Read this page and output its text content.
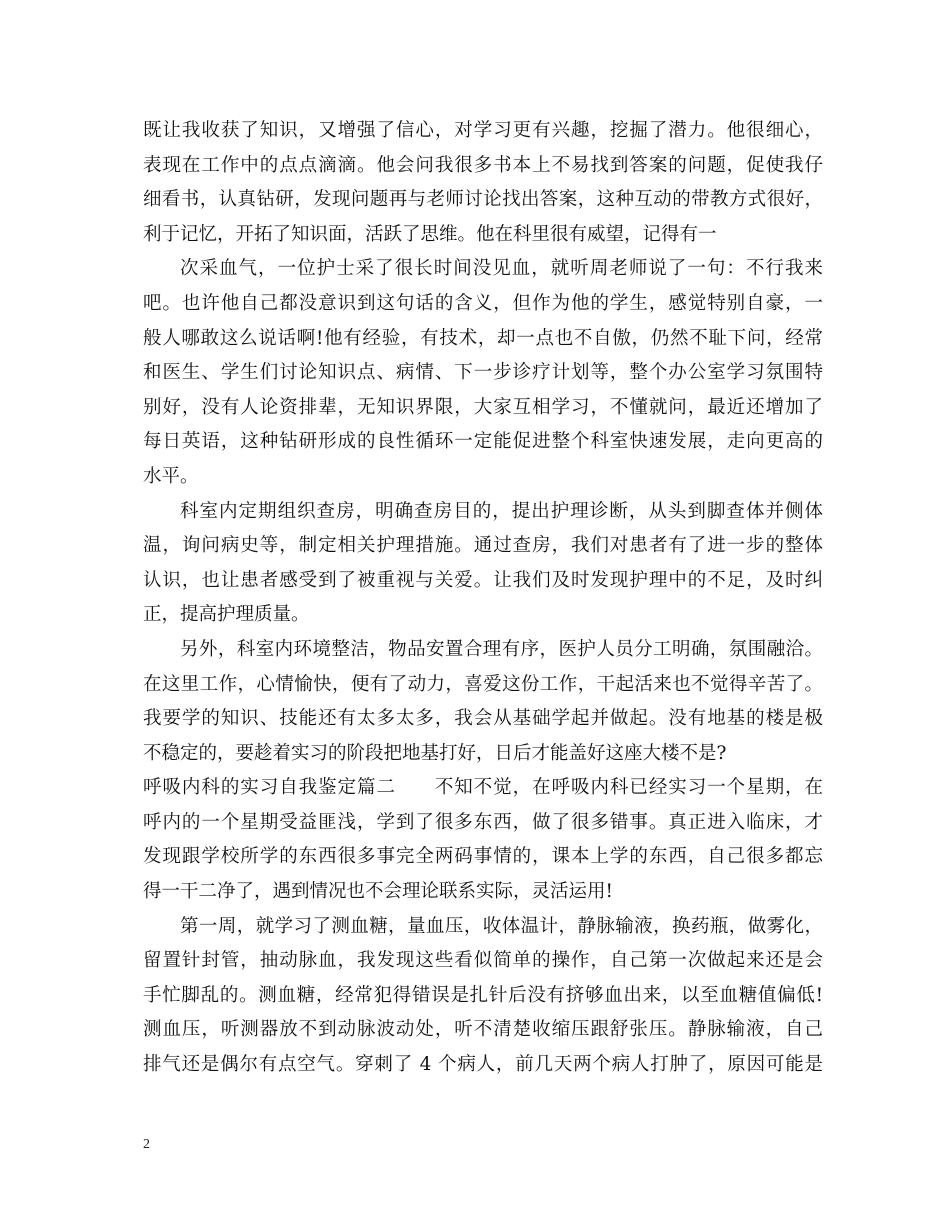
既让我收获了知识，又增强了信心，对学习更有兴趣，挖掘了潜力。他很细心，
表现在工作中的点点滴滴。他会问我很多书本上不易找到答案的问题，促使我仔
细看书，认真钻研，发现问题再与老师讨论找出答案，这种互动的带教方式很好，
利于记忆，开拓了知识面，活跃了思维。他在科里很有威望，记得有一
次采血气，一位护士采了很长时间没见血，就听周老师说了一句：不行我来
吧。也许他自己都没意识到这句话的含义，但作为他的学生，感觉特别自豪，一
般人哪敢这么说话啊!他有经验，有技术，却一点也不自傲，仍然不耻下问，经常
和医生、学生们讨论知识点、病情、下一步诊疗计划等，整个办公室学习氛围特
别好，没有人论资排辈，无知识界限，大家互相学习，不懂就问，最近还增加了
每日英语，这种钻研形成的良性循环一定能促进整个科室快速发展，走向更高的
水平。
科室内定期组织查房，明确查房目的，提出护理诊断，从头到脚查体并侧体
温，询问病史等，制定相关护理措施。通过查房，我们对患者有了进一步的整体
认识，也让患者感受到了被重视与关爱。让我们及时发现护理中的不足，及时纠
正，提高护理质量。
另外，科室内环境整洁，物品安置合理有序，医护人员分工明确，氛围融洽。
在这里工作，心情愉快，便有了动力，喜爱这份工作，干起活来也不觉得辛苦了。
我要学的知识、技能还有太多太多，我会从基础学起并做起。没有地基的楼是极
不稳定的，要趁着实习的阶段把地基打好，日后才能盖好这座大楼不是?
呼吸内科的实习自我鉴定篇二　　不知不觉，在呼吸内科已经实习一个星期，在
呼内的一个星期受益匪浅，学到了很多东西，做了很多错事。真正进入临床，才
发现跟学校所学的东西很多事完全两码事情的，课本上学的东西，自己很多都忘
得一干二净了，遇到情况也不会理论联系实际，灵活运用!
第一周，就学习了测血糖，量血压，收体温计，静脉输液，换药瓶，做雾化，
留置针封管，抽动脉血，我发现这些看似简单的操作，自己第一次做起来还是会
手忙脚乱的。测血糖，经常犯得错误是扎针后没有挤够血出来，以至血糖值偏低!
测血压，听测器放不到动脉波动处，听不清楚收缩压跟舒张压。静脉输液，自己
排气还是偶尔有点空气。穿刺了 4 个病人，前几天两个病人打肿了，原因可能是
2
